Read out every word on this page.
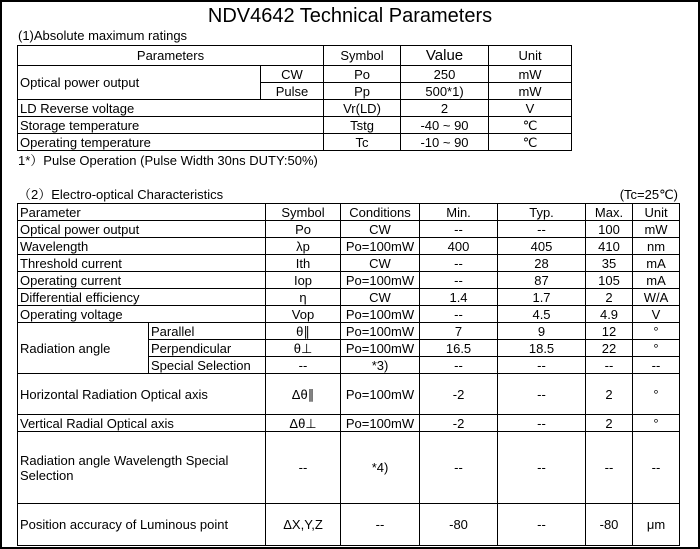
NDV4642 Technical Parameters
(1)Absolute maximum ratings
Parameters		Symbol	Value	Unit
Optical power output	CW	Po	250	mW
	Pulse	Pp	500*1)	mW
LD Reverse voltage		Vr(LD)	2	V
Storage temperature		Tstg	-40 ~ 90	℃
Operating temperature		Tc	-10 ~ 90	℃
1*）Pulse Operation (Pulse Width 30ns DUTY:50%)
（2）Electro-optical Characteristics	(Tc=25℃)
Parameter		Symbol	Conditions	Min.	Typ.	Max.	Unit
Optical power output		Po	CW	--	--	100	mW
Wavelength		λp	Po=100mW	400	405	410	nm
Threshold current		Ith	CW	--	28	35	mA
Operating current		Iop	Po=100mW	--	87	105	mA
Differential efficiency		η	CW	1.4	1.7	2	W/A
Operating voltage		Vop	Po=100mW	--	4.5	4.9	V
Radiation angle	Parallel	θ∥	Po=100mW	7	9	12	°
	Perpendicular	θ⊥	Po=100mW	16.5	18.5	22	°
	Special Selection	--	*3)	--	--	--	--
Horizontal Radiation Optical axis		Δθ∥	Po=100mW	-2	--	2	°
Vertical Radial Optical axis		Δθ⊥	Po=100mW	-2	--	2	°
Radiation angle Wavelength Special Selection		--	*4)	--	--	--	--
Position accuracy of Luminous point		ΔX,Y,Z	--	-80	--	-80	μm
